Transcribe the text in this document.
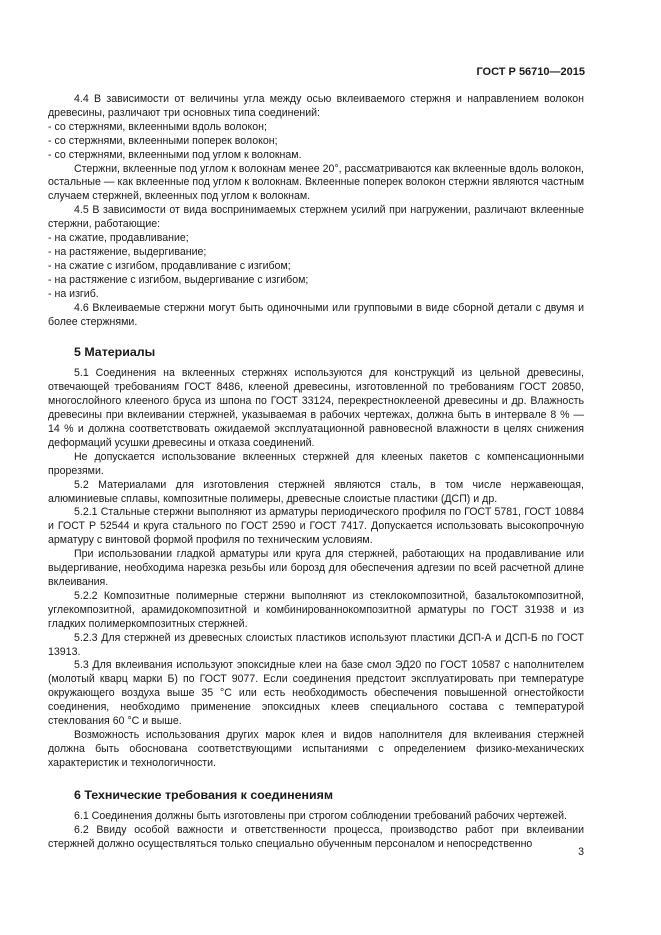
ГОСТ Р 56710—2015

4.4 В зависимости от величины угла между осью вклеиваемого стержня и направлением волокон древесины, различают три основных типа соединений:

- со стержнями, вклеенными вдоль волокон;

- со стержнями, вклеенными поперек волокон;

- со стержнями, вклеенными под углом к волокнам.

Стержни, вклеенные под углом к волокнам менее 20°, рассматриваются как вклеенные вдоль волокон, остальные — как вклеенные под углом к волокнам. Вклеенные поперек волокон стержни являются частным случаем стержней, вклеенных под углом к волокнам.

4.5 В зависимости от вида воспринимаемых стержнем усилий при нагружении, различают вклеенные стержни, работающие:

- на сжатие, продавливание;

- на растяжение, выдергивание;

- на сжатие с изгибом, продавливание с изгибом;

- на растяжение с изгибом, выдергивание с изгибом;

- на изгиб.

4.6 Вклеиваемые стержни могут быть одиночными или групповыми в виде сборной детали с двумя и более стержнями.

5 Материалы

5.1 Соединения на вклеенных стержнях используются для конструкций из цельной древесины, отвечающей требованиям ГОСТ 8486, клееной древесины, изготовленной по требованиям ГОСТ 20850, многослойного клееного бруса из шпона по ГОСТ 33124, перекрестноклееной древесины и др. Влажность древесины при вклеивании стержней, указываемая в рабочих чертежах, должна быть в интервале 8 % — 14 % и должна соответствовать ожидаемой эксплуатационной равновесной влажности в целях снижения деформаций усушки древесины и отказа соединений.

Не допускается использование вклеенных стержней для клееных пакетов с компенсационными прорезями.

5.2 Материалами для изготовления стержней являются сталь, в том числе нержавеющая, алюминиевые сплавы, композитные полимеры, древесные слоистые пластики (ДСП) и др.

5.2.1 Стальные стержни выполняют из арматуры периодического профиля по ГОСТ 5781, ГОСТ 10884 и ГОСТ Р 52544 и круга стального по ГОСТ 2590 и ГОСТ 7417. Допускается использовать высокопрочную арматуру с винтовой формой профиля по техническим условиям.

При использовании гладкой арматуры или круга для стержней, работающих на продавливание или выдергивание, необходима нарезка резьбы или борозд для обеспечения адгезии по всей расчетной длине вклеивания.

5.2.2 Композитные полимерные стержни выполняют из стеклокомпозитной, базальтокомпозитной, углекомпозитной, арамидокомпозитной и комбинированнокомпозитной арматуры по ГОСТ 31938 и из гладких полимеркомпозитных стержней.

5.2.3 Для стержней из древесных слоистых пластиков используют пластики ДСП-А и ДСП-Б по ГОСТ 13913.

5.3 Для вклеивания используют эпоксидные клеи на базе смол ЭД20 по ГОСТ 10587 с наполнителем (молотый кварц марки Б) по ГОСТ 9077. Если соединения предстоит эксплуатировать при температуре окружающего воздуха выше 35 °С или есть необходимость обеспечения повышенной огнестойкости соединения, необходимо применение эпоксидных клеев специального состава с температурой стеклования 60 °С и выше.

Возможность использования других марок клея и видов наполнителя для вклеивания стержней должна быть обоснована соответствующими испытаниями с определением физико-механических характеристик и технологичности.

6 Технические требования к соединениям

6.1 Соединения должны быть изготовлены при строгом соблюдении требований рабочих чертежей.

6.2 Ввиду особой важности и ответственности процесса, производство работ при вклеивании стержней должно осуществляться только специально обученным персоналом и непосредственно

3
